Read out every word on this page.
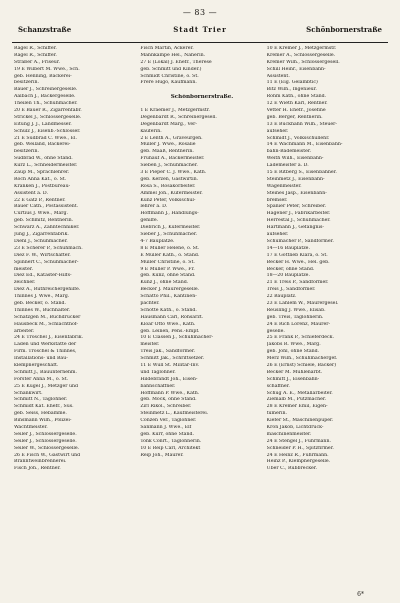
— 83 —
Schanzstraße	Stadt Trier	Schönbornerstraße
Ragel R., Schiffer.
Ragel R., Schiffer.
Sträßer A., Friseur.
19 E Wilbert M. Wwe., Sch.
geb. Henning, Bäckerei-
besitzerin.
Bauer J., Schreinergeselle.
Aalbach J., Bäckergeselle.
Theilen Th., Schuhmacher.
20 E Bauer R., Zigarrenfabr.
Strickel J., Schlossergeselle.
Eitung J. J., Landmesser.
Schulz J., Eisenb.-Schlosser.
21 E Südbrad C. Wwe., El.
geb. Weiland, Bäckerei-
besitzerin.
Südbrad W., ohne Stand.
Kurz L., Schneidermeister.
Zaup M., Sprachlehrer.
Roch Anna Kat., o. St.
Kranken J., Postbüreau-
Assistent a. D.
22 E Gatz P., Rentner.
Bauer Cath., Postassistent.
Curtius J. Wwe., Marg.
geb. Schmitz, Rentnerin.
Schwarz A., Zahntechniker.
Jung J., Zigarrenfabrik.
Diehl J., Schuhmacher.
23 E Scherer P., Schuhmach.
Diez F. W., Wirtschafter.
Spinnert C., Schuhmacher-
meister.
Diez Ed., Kataster-Hilfs-
zeichner.
Diez A., Ruthreichergehilfe.
Thinnes J. Wwe., Marg.
geb. Becker, o. Stand.
Thinnes W., Buchhalter.
Schätzgen M., Buchdrucker
Hausbeck M., Schlachthof-
arbeiter.
24 E Tröschel J., Eisenfabrik.
Laden und Werkstätte der
Firm. Tröschel & Thinnes,
Installations- und Bau-
klempnergeschäft.
Schmitt J., Bauunternehm.
Forster Anna M., o. St.
25 E Kugel J., Metzger und
Schankwirt.
Schmitt N., Taglöhner.
Schmidt Kat. Ehefr., Sus.
geb. Seiss, Hebamme.
Binsmann Wilh., Polizei-
Wachtmeister.
Seiler J., Schlossergeselle.
Seiler J., Schlossergeselle.
Seiler W., Schlossergeselle.
26 E Fisch W., Gastwirt und
Branntweinbrennerei.
Fisch Joh., Rentner.
Fisch Martin, Ackerer.
Mannkampe Hel., Näherin.
27 E (Lokal) J. Ehefr., Therese
geb. Schmitt und Kinder.)
Schmidt Christine, o. St.
Frere Hugo, Kaufmann.

Schönbornerstraße.

1 E Kraemer J., Metzgermstr.
Degenbardt R., Schreinergesell.
Degenbardt Marg., Ver-
käuferin.
2 E Lenth A., Graveurgeh.
Müller J. Wwe., Rosalie
geb. Maaß, Rentnerin.
Frühauf A., Bäckermeister.
Sieben J., Schuhmacher.
3 E Pieper C. J. Wwe., Kath.
geb. Kerzen, Gastwirtin.
Rosa S., Rosakorbeiter.
Ammel Joh., Küfermeister.
Kunz Peter, Volksschul-
lehrer a. D.
Hoffmann J., Handlungs-
gehilfe.
Diebrich J., Küfermeister.
Sieber J., Schuhmacher.
4-7 Bauplätze.
8 E Müller Helene, o. St.
E Müller Kath., o. Stand.
Müller Christine, o. St.
9 E Müller P. Wwe., Fr.
geb. Kunz, ohne Stand.
Kunz J., ohne Stand.
Becker J. Maurergeselle.
Schatto Phil., Kantinen-
pächter.
Schotte Kath., o. Stand.
Hausmann Carl, Rohsarzt.
Kloar Otto Wwe., Kath.
geb. Leinen, Pens.-Empf.
10 E Classen J., Schuhmacher-
meister.
Treis Jak., Sandformer.
Schmitt Jak., Schriftsetzer.
11 E Wüll St. Militär-Inv.
und Taglöhner.
Hildebrandt Joh., Eisen-
bahnschaffner.
Hoffmann P. Wwe., Kath.
geb. Mock, ohne Stand.
Zirl Rikol., Schreiber.
Steinmetz L., Kaufmeisterei.
Conzen Ver., Taglöhner.
Sanmann J. Wwe., Elf
geb. Kurr, ohne Stand.
Tonk Conrt., Taglöhnerin.
10 E Reip Carl, Architekt
Reip Joh., Maurer.
10 E Kremer J., Metzgermstr.
Kremer A., Schlossergeselle.
Kremer Wilh., Schlossergesell.
Schill Heinr., Eisenbahn-
Assistent.
11 E (Eig. Gelambtic)
Bitz Wilh., Ingenieur.
Rohm Kath., ohne Stand.
12 E Wieth Karl, Rentner.
Vetter H. Ehefr., Josefine
geb. Berger, Rentnerin.
13 E Bückhahn Wilh., Steuer-
aufseher.
Schmidt J., Volksschullehr.
14 E Wachmann M., Eisenbahn-
bahn-Bademeister.
Weith Wilh., Eisenbahn-
Lademeister a. D.
15 E Ritberg S., Eisenbahner.
Steinmetz J., Eisenbahn-
Wagenmeister.
Steines Jasp., Eisenbahn-
bremser.
Spanier Peter, Schreiber.
Hagener J., Fabrikarbeiter.
Herrestal J., Schuhmacher.
Hartmann J., Gefängnis-
aufseher.
Schumacher P., Sandformer.
14—16 Bauplätze.
17 E Gottlieb Klara, o. St.
Becker H. Wwe., Hel. geb.
Becker, ohne Stand.
18—20 Bauplätze.
21 E Treis P., Sandformer.
Treis J., Sandformer.
22 Bauplatz.
23 E Lahlem W., Maurergesel.
Reusling J. Wwe., Elisab.
geb. Treis, Taglöhnerin.
24 E Rich Lorenz, Maurer-
geselle.
25 E Frank P., Schieferdeck.
Jakobs R. Wwe., Marg.
geb. Jöhl, ohne Stand.
Merz Wilh., Schuhmachergef.
26 E (Ernst) Schiele, Bäcker)
Becker M. Mühlenarbt.
Schmitt J., Eisenbahn-
schaffner.
Schug A. E., Metallarbeiter.
Ziemalb M., Putzmacher.
28 E Kremer Emil, Eigen-
tümerin.
Kiefer St., Maschinenpuper.
Kron Jakob, Lichtdruck-
maschinenmeister.
24 E Stengel J., Fuhrmann.
Schneider P. H., Spitzfirmer.
24 E Heinz R., Fuhrmann.
Heinz P., Klempnergeselle.
Uber C., Rubbrecker.
6*
